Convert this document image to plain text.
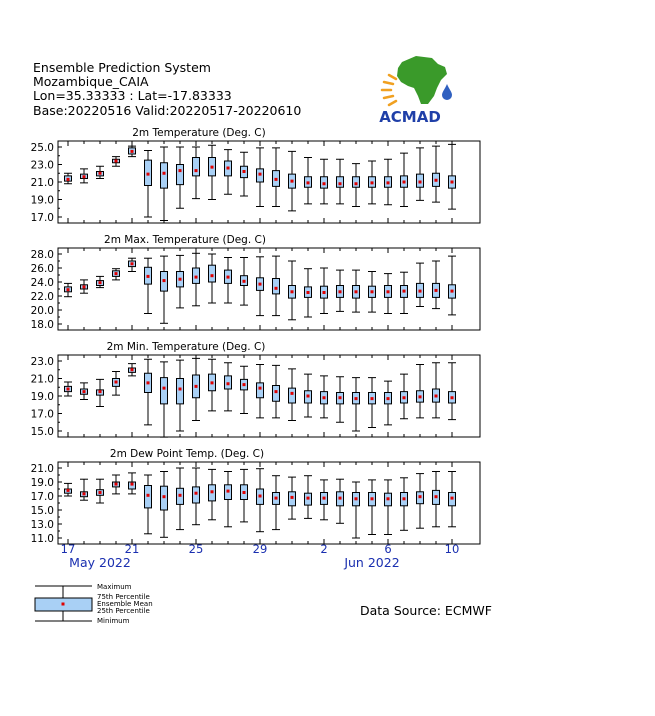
Ensemble Prediction System
Mozambique_CAIA
Lon=35.33333 : Lat=-17.83333
Base:20220516 Valid:20220517-20220610	ACMAD
2m Temperature (Deg. C)
25.0
23.0
21.0
19.0
17.0
2m Max. Temperature (Deg. C)
28.0
26.0
24.0
22.0
20.0
18.0
2m Min. Temperature (Deg. C)
23.0
21.0
19.0
17.0
15.0
2m Dew Point Temp. (Deg. C)
21.0
19.0
17.0
15.0
13.0
11.0
17	21	25	29	2	6	10
May 2022	Jun 2022
Maximum
75th Percentile
Ensemble Mean
25th Percentile
Minimum
Data Source: ECMWF
